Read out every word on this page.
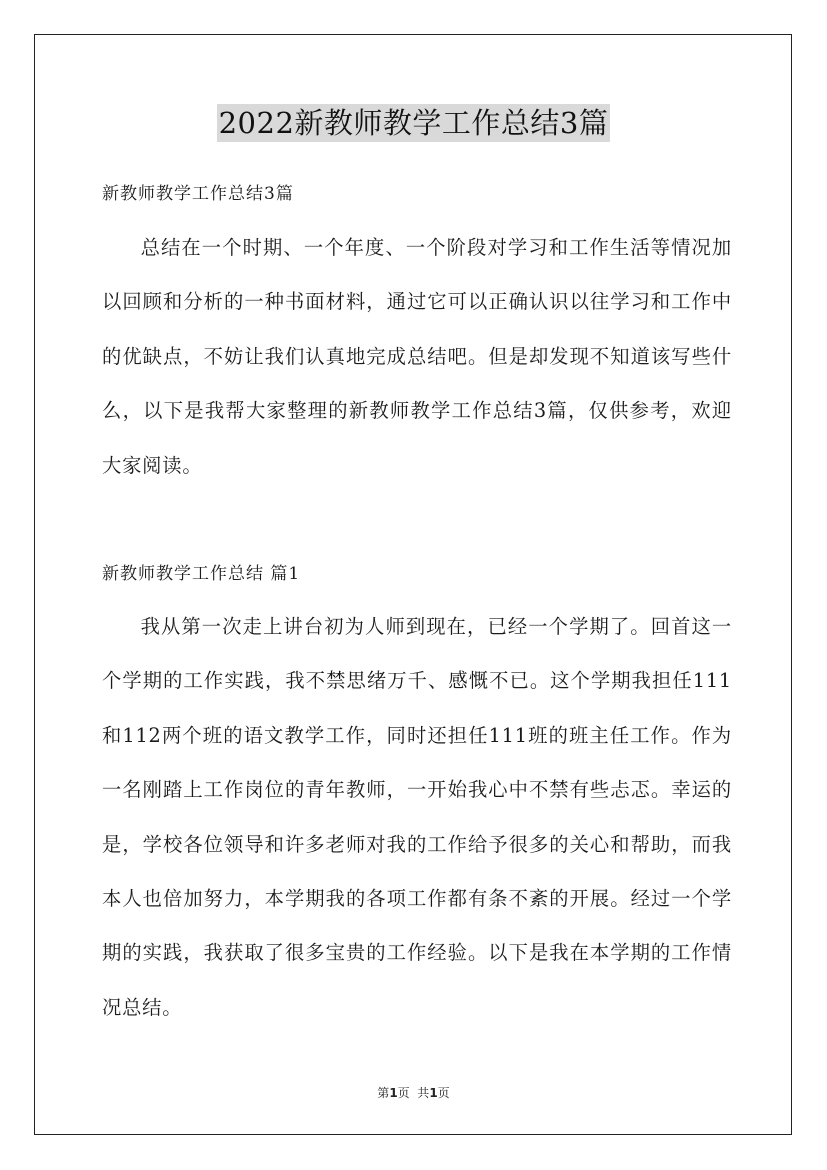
2022新教师教学工作总结3篇
新教师教学工作总结3篇

总结在一个时期、一个年度、一个阶段对学习和工作生活等情况加以回顾和分析的一种书面材料，通过它可以正确认识以往学习和工作中的优缺点，不妨让我们认真地完成总结吧。但是却发现不知道该写些什么，以下是我帮大家整理的新教师教学工作总结3篇，仅供参考，欢迎大家阅读。

新教师教学工作总结 篇1

我从第一次走上讲台初为人师到现在，已经一个学期了。回首这一个学期的工作实践，我不禁思绪万千、感慨不已。这个学期我担任111和112两个班的语文教学工作，同时还担任111班的班主任工作。作为一名刚踏上工作岗位的青年教师，一开始我心中不禁有些忐忑。幸运的是，学校各位领导和许多老师对我的工作给予很多的关心和帮助，而我本人也倍加努力，本学期我的各项工作都有条不紊的开展。经过一个学期的实践，我获取了很多宝贵的工作经验。以下是我在本学期的工作情况总结。

第1页  共1页
